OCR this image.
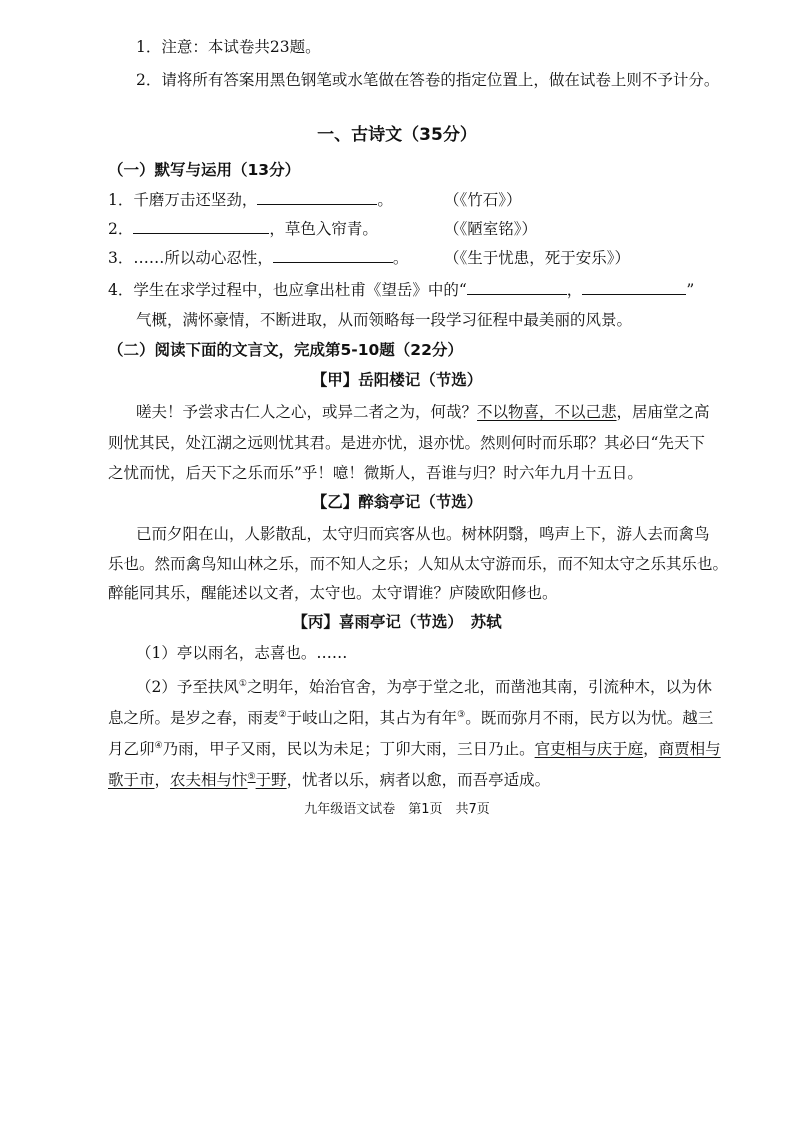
1．注意：本试卷共23题。
2．请将所有答案用黑色钢笔或水笔做在答卷的指定位置上，做在试卷上则不予计分。
一、古诗文（35分）
（一）默写与运用（13分）
1．千磨万击还坚劲，	。	（《竹石》）
2．	，草色入帘青。	（《陋室铭》）
3．……所以动心忍性，	。 （《生于忧患，死于安乐》）
4．学生在求学过程中，也应拿出杜甫《望岳》中的“	，	”
气概，满怀豪情，不断进取，从而领略每一段学习征程中最美丽的风景。
（二）阅读下面的文言文，完成第5-10题（22分）
【甲】岳阳楼记（节选）
嗟夫！予尝求古仁人之心，或异二者之为，何哉？不以物喜，不以己悲，居庙堂之高
则忧其民，处江湖之远则忧其君。是进亦忧，退亦忧。然则何时而乐耶？其必曰“先天下
之忧而忧，后天下之乐而乐”乎！噫！微斯人，吾谁与归？时六年九月十五日。
【乙】醉翁亭记（节选）
已而夕阳在山，人影散乱，太守归而宾客从也。树林阴翳，鸣声上下，游人去而禽鸟
乐也。然而禽鸟知山林之乐，而不知人之乐；人知从太守游而乐，而不知太守之乐其乐也。
醉能同其乐，醒能述以文者，太守也。太守谓谁？庐陵欧阳修也。
【丙】喜雨亭记（节选）　苏轼
（1）亭以雨名，志喜也。……
（2）予至扶风①之明年，始治官舍，为亭于堂之北，而凿池其南，引流种木，以为休
息之所。是岁之春，雨麦②于岐山之阳，其占为有年③。既而弥月不雨，民方以为忧。越三
月乙卯④乃雨，甲子又雨，民以为未足；丁卯大雨，三日乃止。官吏相与庆于庭，商贾相与
歌于市，农夫相与忭⑤于野，忧者以乐，病者以愈，而吾亭适成。
九年级语文试卷　第1页　共7页
